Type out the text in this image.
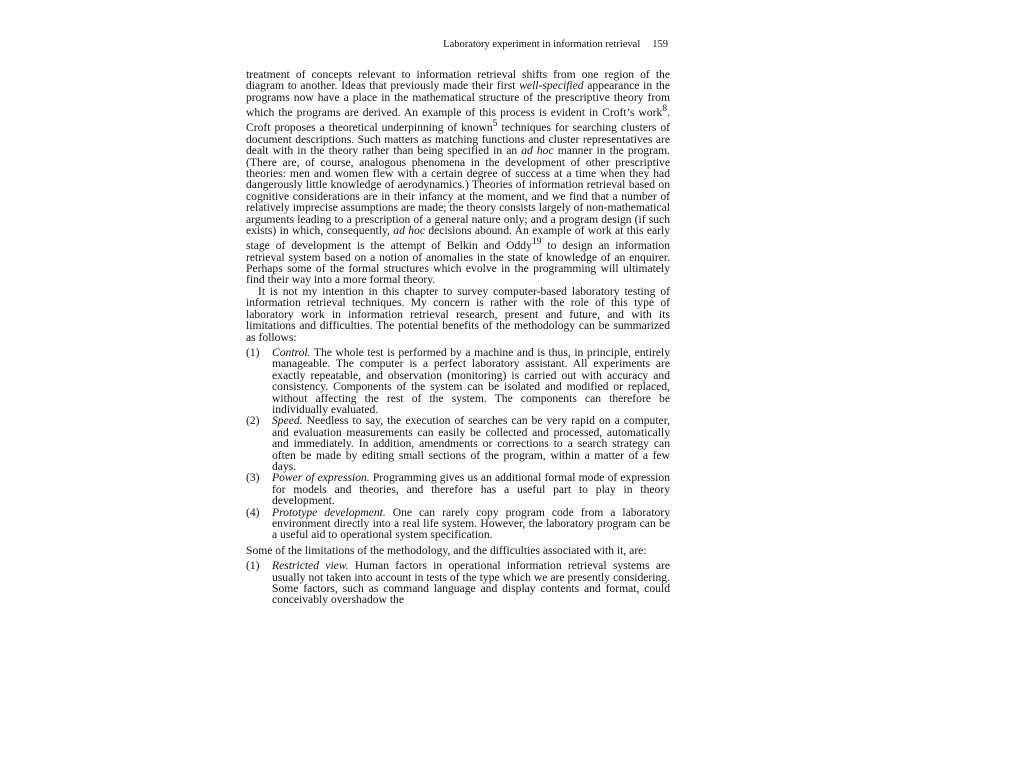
Laboratory experiment in information retrieval 159

treatment of concepts relevant to information retrieval shifts from one region of the diagram to another. Ideas that previously made their first well-specified appearance in the programs now have a place in the mathematical structure of the prescriptive theory from which the programs are derived. An example of this process is evident in Croft’s work$^8$. Croft proposes a theoretical underpinning of known$^5$ techniques for searching clusters of document descriptions. Such matters as matching functions and cluster representatives are dealt with in the theory rather than being specified in an ad hoc manner in the program. (There are, of course, analogous phenomena in the development of other prescriptive theories: men and women flew with a certain degree of success at a time when they had dangerously little knowledge of aerodynamics.) Theories of information retrieval based on cognitive considerations are in their infancy at the moment, and we find that a number of relatively imprecise assumptions are made; the theory consists largely of non-mathematical arguments leading to a prescription of a general nature only; and a program design (if such exists) in which, consequently, ad hoc decisions abound. An example of work at this early stage of development is the attempt of Belkin and Oddy$^{19}$ to design an information retrieval system based on a notion of anomalies in the state of knowledge of an enquirer. Perhaps some of the formal structures which evolve in the programming will ultimately find their way into a more formal theory.

It is not my intention in this chapter to survey computer-based laboratory testing of information retrieval techniques. My concern is rather with the role of this type of laboratory work in information retrieval research, present and future, and with its limitations and difficulties. The potential benefits of the methodology can be summarized as follows:

(1)	Control. The whole test is performed by a machine and is thus, in principle, entirely manageable. The computer is a perfect laboratory assistant. All experiments are exactly repeatable, and observation (monitoring) is carried out with accuracy and consistency. Components of the system can be isolated and modified or replaced, without affecting the rest of the system. The components can therefore be individually evaluated.
(2)	Speed. Needless to say, the execution of searches can be very rapid on a computer, and evaluation measurements can easily be collected and processed, automatically and immediately. In addition, amendments or corrections to a search strategy can often be made by editing small sections of the program, within a matter of a few days.
(3)	Power of expression. Programming gives us an additional formal mode of expression for models and theories, and therefore has a useful part to play in theory development.
(4)	Prototype development. One can rarely copy program code from a laboratory environment directly into a real life system. However, the laboratory program can be a useful aid to operational system specification.

Some of the limitations of the methodology, and the difficulties associated with it, are:

(1)	Restricted view. Human factors in operational information retrieval systems are usually not taken into account in tests of the type which we are presently considering. Some factors, such as command language and display contents and format, could conceivably overshadow the
